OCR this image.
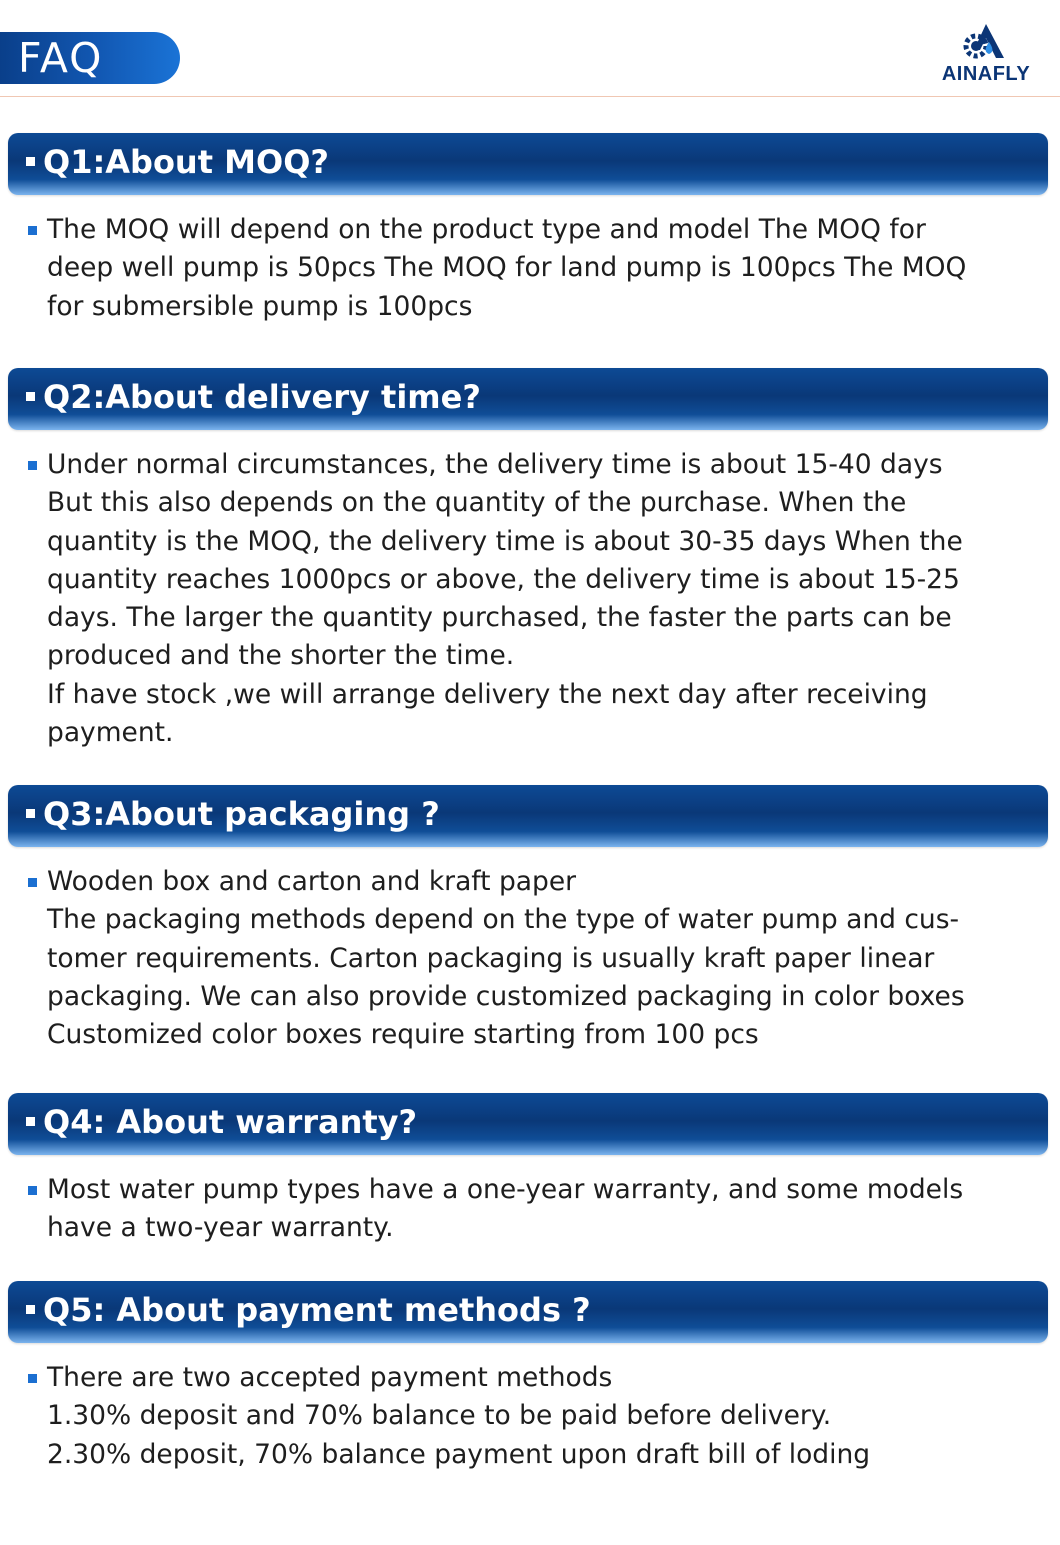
FAQ	AINAFLY
Q1:About MOQ?
The MOQ will depend on the product type and model The MOQ for
deep well pump is 50pcs The MOQ for land pump is 100pcs The MOQ
for submersible pump is 100pcs
Q2:About delivery time?
Under normal circumstances, the delivery time is about 15-40 days
But this also depends on the quantity of the purchase. When the
quantity is the MOQ, the delivery time is about 30-35 days When the
quantity reaches 1000pcs or above, the delivery time is about 15-25
days. The larger the quantity purchased, the faster the parts can be
produced and the shorter the time.
If have stock ,we will arrange delivery the next day after receiving
payment.
Q3:About packaging ?
Wooden box and carton and kraft paper
The packaging methods depend on the type of water pump and cus-
tomer requirements. Carton packaging is usually kraft paper linear
packaging. We can also provide customized packaging in color boxes
Customized color boxes require starting from 100 pcs
Q4: About warranty?
Most water pump types have a one-year warranty, and some models
have a two-year warranty.
Q5: About payment methods ?
There are two accepted payment methods
1.30% deposit and 70% balance to be paid before delivery.
2.30% deposit, 70% balance payment upon draft bill of loding
